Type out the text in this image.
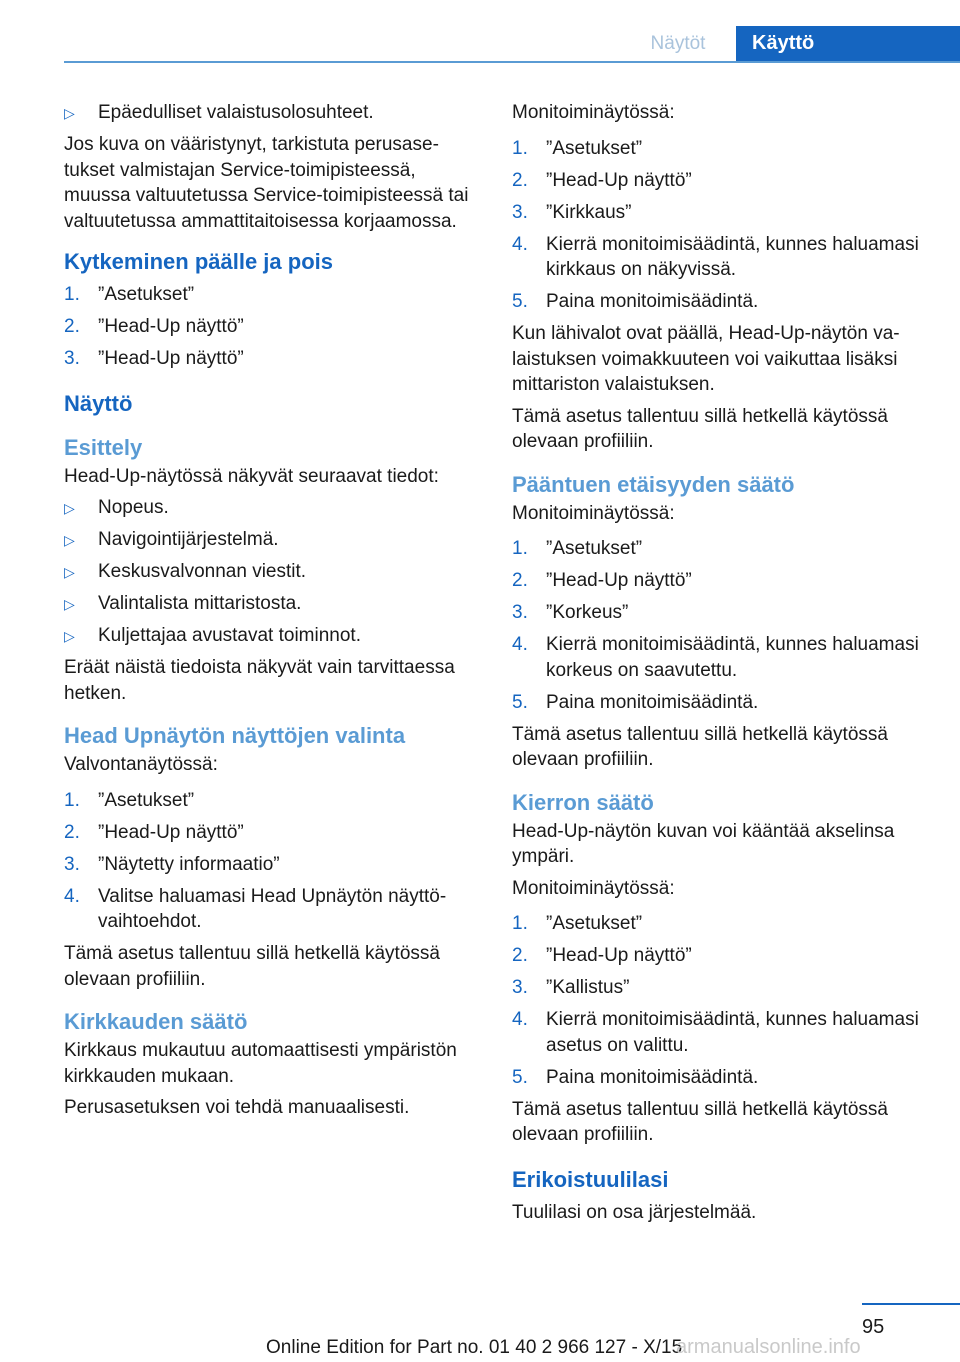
Näytöt	Käyttö
▷ Epäedulliset valaistusolosuhteet.

Jos kuva on vääristynyt, tarkistuta perusasetukset valmistajan Service-toimipisteessä, muussa valtuutetussa Service-toimipisteessä tai valtuutetussa ammattitaitoisessa korjaamossa.

Kytkeminen päälle ja pois
1. ”Asetukset”
2. ”Head-Up näyttö”
3. ”Head-Up näyttö”
Näyttö
Esittely

Head-Up-näytössä näkyvät seuraavat tiedot:

▷ Nopeus.
▷ Navigointijärjestelmä.
▷ Keskusvalvonnan viestit.
▷ Valintalista mittaristosta.
▷ Kuljettajaa avustavat toiminnot.

Eräät näistä tiedoista näkyvät vain tarvittaessa hetken.

Head Upnäytön näyttöjen valinta

Valvontanäytössä:

1. ”Asetukset”
2. ”Head-Up näyttö”
3. ”Näytetty informaatio”
4. Valitse haluamasi Head Upnäytön näyttövaihtoehdot.

Tämä asetus tallentuu sillä hetkellä käytössä olevaan profiiliin.

Kirkkauden säätö

Kirkkaus mukautuu automaattisesti ympäristön kirkkauden mukaan.

Perusasetuksen voi tehdä manuaalisesti.

Monitoiminäytössä:

1. ”Asetukset”
2. ”Head-Up näyttö”
3. ”Kirkkaus”
4. Kierrä monitoimisäädintä, kunnes haluamasi kirkkaus on näkyvissä.
5. Paina monitoimisäädintä.

Kun lähivalot ovat päällä, Head-Up-näytön valaistuksen voimakkuuteen voi vaikuttaa lisäksi mittariston valaistuksen.

Tämä asetus tallentuu sillä hetkellä käytössä olevaan profiiliin.

Pääntuen etäisyyden säätö

Monitoiminäytössä:

1. ”Asetukset”
2. ”Head-Up näyttö”
3. ”Korkeus”
4. Kierrä monitoimisäädintä, kunnes haluamasi korkeus on saavutettu.
5. Paina monitoimisäädintä.

Tämä asetus tallentuu sillä hetkellä käytössä olevaan profiiliin.

Kierron säätö

Head-Up-näytön kuvan voi kääntää akselinsa ympäri.

Monitoiminäytössä:

1. ”Asetukset”
2. ”Head-Up näyttö”
3. ”Kallistus”
4. Kierrä monitoimisäädintä, kunnes haluamasi asetus on valittu.
5. Paina monitoimisäädintä.

Tämä asetus tallentuu sillä hetkellä käytössä olevaan profiiliin.

Erikoistuulilasi

Tuulilasi on osa järjestelmää.

95
Online Edition for Part no. 01 40 2 966 127 - X/15
armanualsonline.info
